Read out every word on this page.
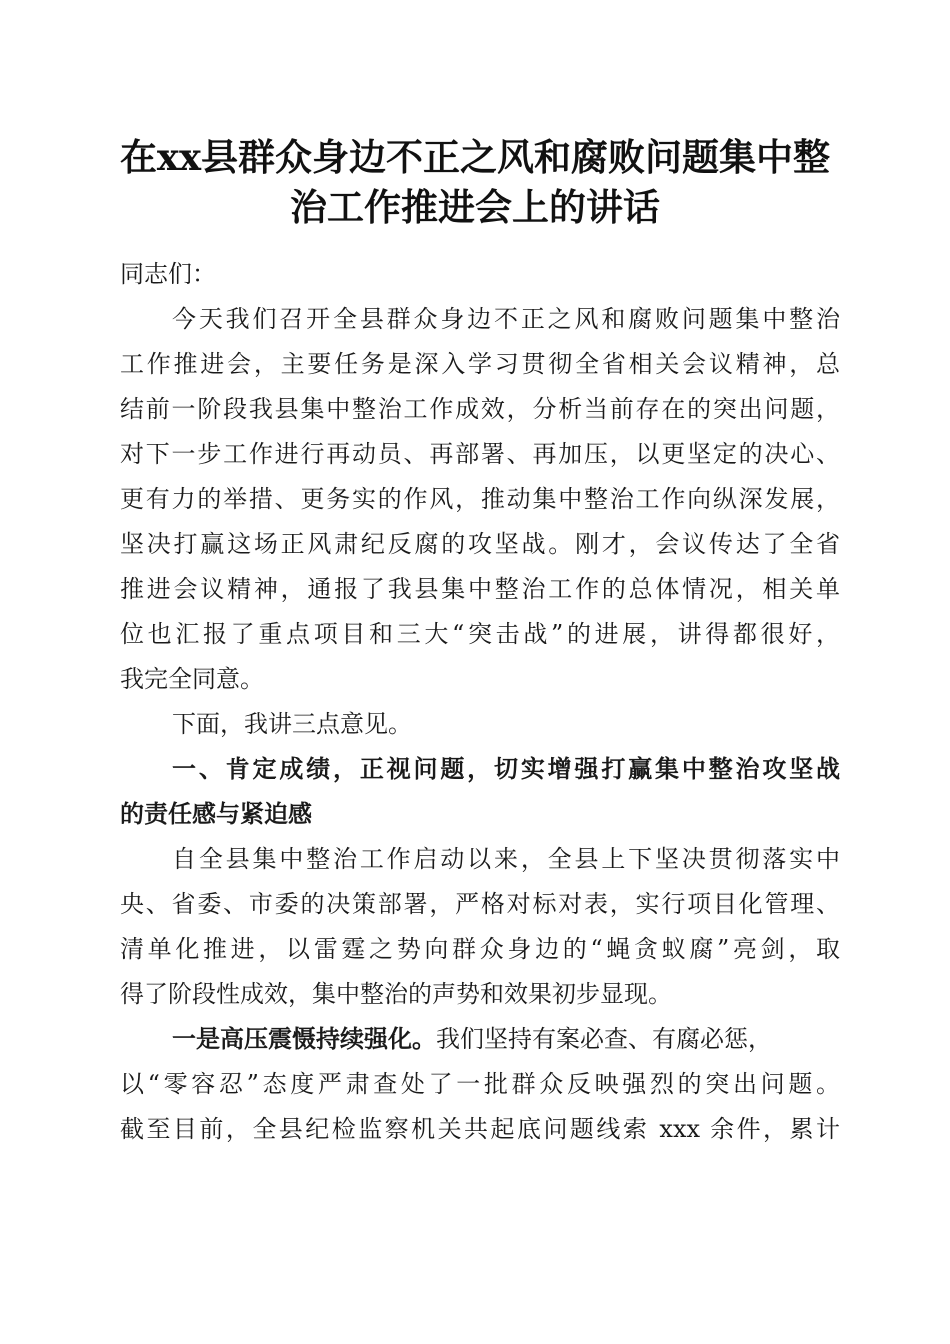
在xx县群众身边不正之风和腐败问题集中整
治工作推进会上的讲话
同志们：
今天我们召开全县群众身边不正之风和腐败问题集中整治
工作推进会，主要任务是深入学习贯彻全省相关会议精神，总
结前一阶段我县集中整治工作成效，分析当前存在的突出问题，
对下一步工作进行再动员、再部署、再加压，以更坚定的决心、
更有力的举措、更务实的作风，推动集中整治工作向纵深发展，
坚决打赢这场正风肃纪反腐的攻坚战。刚才，会议传达了全省
推进会议精神，通报了我县集中整治工作的总体情况，相关单
位也汇报了重点项目和三大“突击战”的进展，讲得都很好，
我完全同意。
下面，我讲三点意见。
一、肯定成绩，正视问题，切实增强打赢集中整治攻坚战
的责任感与紧迫感
自全县集中整治工作启动以来，全县上下坚决贯彻落实中
央、省委、市委的决策部署，严格对标对表，实行项目化管理、
清单化推进，以雷霆之势向群众身边的“蝇贪蚁腐”亮剑，取
得了阶段性成效，集中整治的声势和效果初步显现。
一是高压震慑持续强化。我们坚持有案必查、有腐必惩，
以“零容忍”态度严肃查处了一批群众反映强烈的突出问题。
截至目前，全县纪检监察机关共起底问题线索 xxx 余件，累计
